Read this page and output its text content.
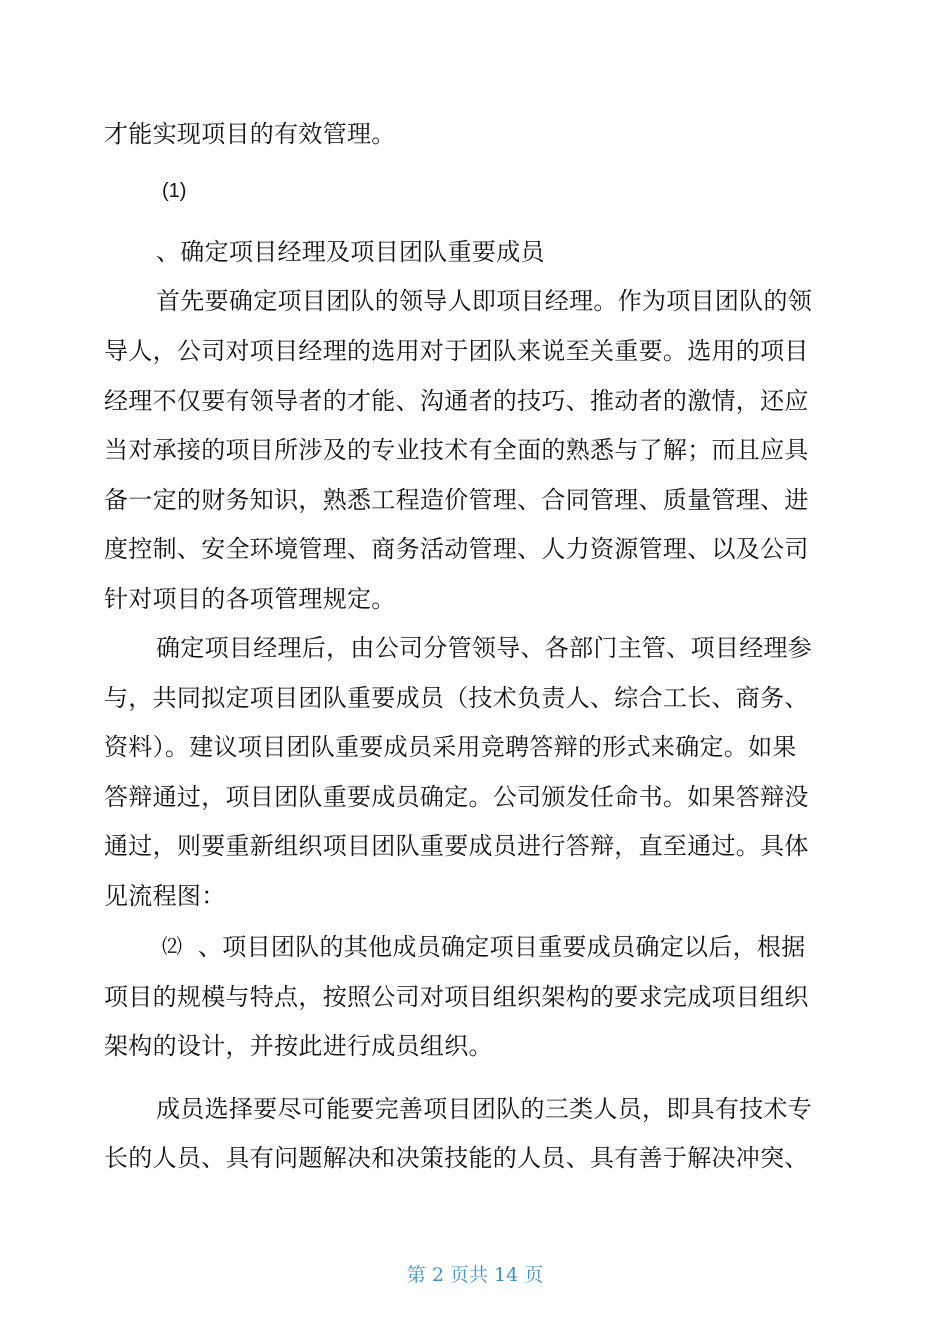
才能实现项目的有效管理。
(1)
、确定项目经理及项目团队重要成员
首先要确定项目团队的领导人即项目经理。作为项目团队的领
导人，公司对项目经理的选用对于团队来说至关重要。选用的项目
经理不仅要有领导者的才能、沟通者的技巧、推动者的激情，还应
当对承接的项目所涉及的专业技术有全面的熟悉与了解；而且应具
备一定的财务知识，熟悉工程造价管理、合同管理、质量管理、进
度控制、安全环境管理、商务活动管理、人力资源管理、以及公司
针对项目的各项管理规定。
确定项目经理后，由公司分管领导、各部门主管、项目经理参
与，共同拟定项目团队重要成员（技术负责人、综合工长、商务、
资料）。建议项目团队重要成员采用竞聘答辩的形式来确定。如果
答辩通过，项目团队重要成员确定。公司颁发任命书。如果答辩没
通过，则要重新组织项目团队重要成员进行答辩，直至通过。具体
见流程图：
⑵ 、项目团队的其他成员确定项目重要成员确定以后，根据
项目的规模与特点，按照公司对项目组织架构的要求完成项目组织
架构的设计，并按此进行成员组织。
成员选择要尽可能要完善项目团队的三类人员，即具有技术专
长的人员、具有问题解决和决策技能的人员、具有善于解决冲突、
第 2 页共 14 页
